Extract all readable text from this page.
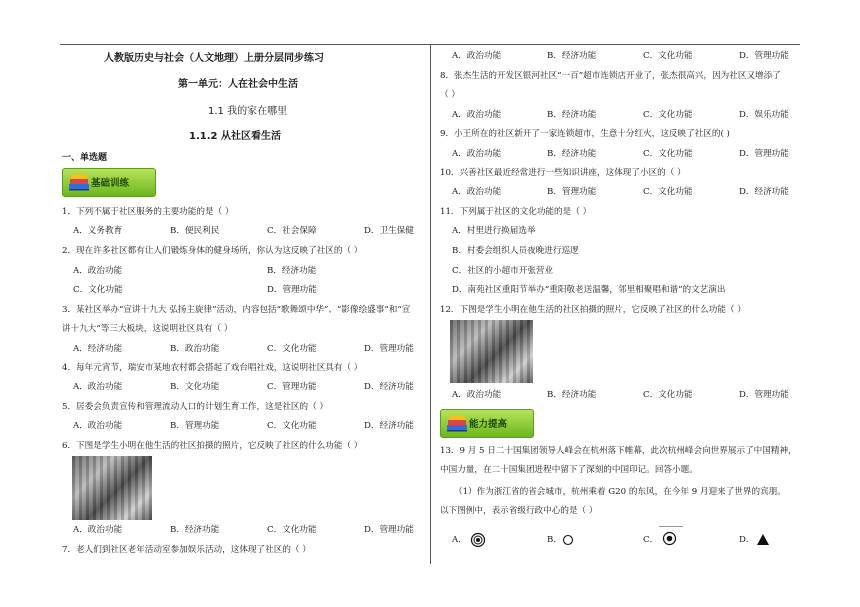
人教版历史与社会（人文地理）上册分层同步练习
第一单元：人在社会中生活
1.1 我的家在哪里
1.1.2 从社区看生活
一、单选题
基础训练
1．下列不属于社区服务的主要功能的是（ ）
A．义务教育	B．便民利民	C．社会保障	D．卫生保健
2．现在许多社区都有让人们锻炼身体的健身场所，你认为这反映了社区的（ ）
A．政治功能	B．经济功能
C．文化功能	D．管理功能
3．某社区举办“宣讲十九大 弘扬主旋律”活动，内容包括“歌舞颂中华”、“影像绘盛事”和“宣
讲十九大”等三大板块，这说明社区具有（ ）
A．经济功能	B．政治功能	C．文化功能	D．管理功能
4．每年元宵节，瑞安市某地农村都会搭起了戏台唱社戏，这说明社区具有（ ）
A．政治功能	B．文化功能	C．管理功能	D．经济功能
5．居委会负责宣传和管理流动人口的计划生育工作，这是社区的（ ）
A．政治功能	B．管理功能	C．文化功能	D．经济功能
6．下图是学生小明在他生活的社区拍摄的照片，它反映了社区的什么功能（ ）
A．政治功能	B．经济功能	C．文化功能	D．管理功能
7．老人们到社区老年活动室参加娱乐活动，这体现了社区的（ ）
A．政治功能	B．经济功能	C．文化功能	D．管理功能
8．张杰生活的开发区银河社区“一百”超市连锁店开业了，张杰很高兴，因为社区又增添了
（ ）
A．政治功能	B．经济功能	C．文化功能	D．娱乐功能
9．小王所在的社区新开了一家连锁超市，生意十分红火，这反映了社区的( )
A．政治功能	B．经济功能	C．文化功能	D．管理功能
10．兴善社区最近经常进行一些知识讲座，这体现了小区的（ ）
A．政治功能	B．管理功能	C．文化功能	D．经济功能
11．下列属于社区的文化功能的是（ ）
A．村里进行换届选举
B．村委会组织人员夜晚进行巡逻
C．社区的小超市开张营业
D．南苑社区重阳节举办“重阳敬老送温馨，邻里相聚唱和谐”的文艺演出
12．下图是学生小明在他生活的社区拍摄的照片，它反映了社区的什么功能（ ）
A．政治功能	B．经济功能	C．文化功能	D．管理功能
能力提高
13．9 月 5 日二十国集团领导人峰会在杭州落下帷幕，此次杭州峰会向世界展示了中国精神，
中国力量，在二十国集团进程中留下了深刻的中国印记。回答小题。
（1）作为浙江省的省会城市，杭州乘着 G20 的东风，在今年 9 月迎来了世界的宾朋。
以下图例中，表示省级行政中心的是（ ）
A．	B．	C．	D．
